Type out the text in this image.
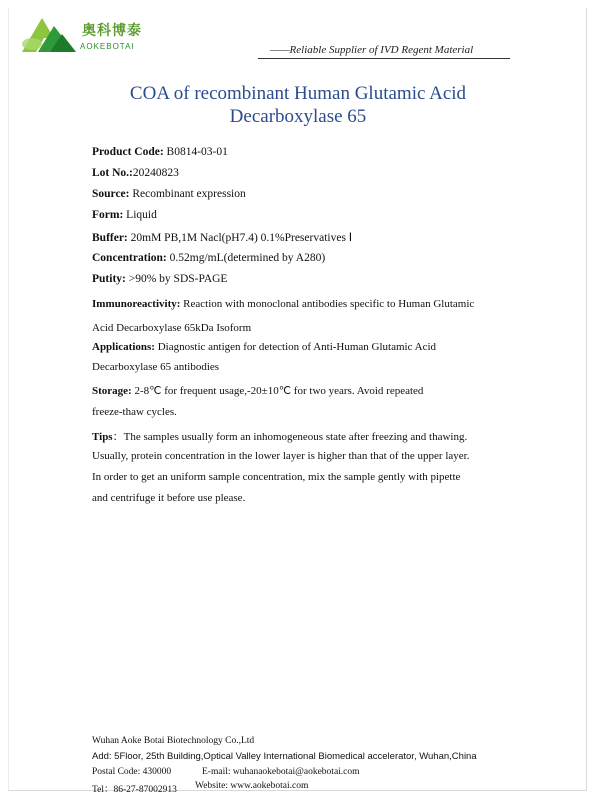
奥科博泰
AOKEBOTAI	——Reliable Supplier of IVD Regent Material
COA of recombinant Human Glutamic Acid
Decarboxylase 65
Product Code: B0814-03-01
Lot No.:20240823
Source: Recombinant expression
Form: Liquid
Buffer: 20mM PB,1M Nacl(pH7.4) 0.1%Preservatives Ⅰ
Concentration: 0.52mg/mL(determined by A280)
Putity: >90% by SDS-PAGE
Immunoreactivity: Reaction with monoclonal antibodies specific to Human Glutamic
Acid Decarboxylase 65kDa Isoform
Applications: Diagnostic antigen for detection of Anti-Human Glutamic Acid
Decarboxylase 65 antibodies
Storage: 2-8℃ for frequent usage,-20±10℃ for two years. Avoid repeated
freeze-thaw cycles.
Tips：The samples usually form an inhomogeneous state after freezing and thawing.
Usually, protein concentration in the lower layer is higher than that of the upper layer.
In order to get an uniform sample concentration, mix the sample gently with pipette
and centrifuge it before use please.
Wuhan Aoke Botai Biotechnology Co.,Ltd
Add: 5Floor, 25th Building,Optical Valley International Biomedical accelerator, Wuhan,China
Postal Code: 430000	E-mail: wuhanaokebotai@aokebotai.com
Tel：86-27-87002913 Website: www.aokebotai.com
